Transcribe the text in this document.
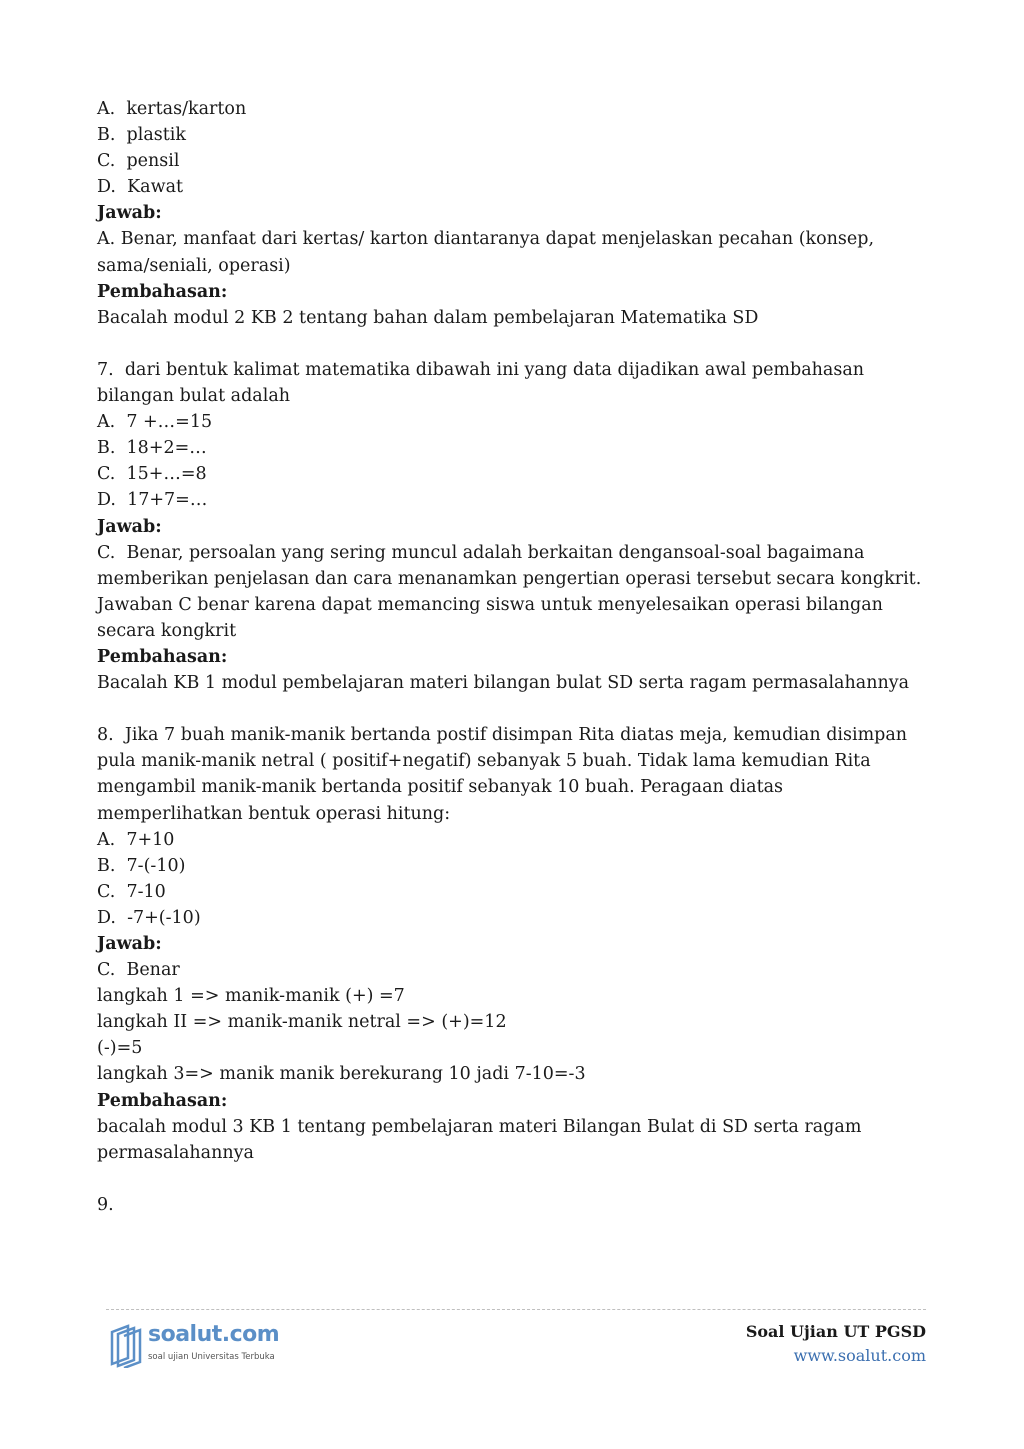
A.  kertas/karton
B.  plastik
C.  pensil
D.  Kawat
Jawab:
A. Benar, manfaat dari kertas/ karton diantaranya dapat menjelaskan pecahan (konsep,
sama/seniali, operasi)
Pembahasan:
Bacalah modul 2 KB 2 tentang bahan dalam pembelajaran Matematika SD
7.  dari bentuk kalimat matematika dibawah ini yang data dijadikan awal pembahasan
bilangan bulat adalah
A.  7 +…=15
B.  18+2=…
C.  15+…=8
D.  17+7=…
Jawab:
C.  Benar, persoalan yang sering muncul adalah berkaitan dengansoal-soal bagaimana
memberikan penjelasan dan cara menanamkan pengertian operasi tersebut secara kongkrit.
Jawaban C benar karena dapat memancing siswa untuk menyelesaikan operasi bilangan
secara kongkrit
Pembahasan:
Bacalah KB 1 modul pembelajaran materi bilangan bulat SD serta ragam permasalahannya
8.  Jika 7 buah manik-manik bertanda postif disimpan Rita diatas meja, kemudian disimpan
pula manik-manik netral ( positif+negatif) sebanyak 5 buah. Tidak lama kemudian Rita
mengambil manik-manik bertanda positif sebanyak 10 buah. Peragaan diatas
memperlihatkan bentuk operasi hitung:
A.  7+10
B.  7-(-10)
C.  7-10
D.  -7+(-10)
Jawab:
C.  Benar
langkah 1 => manik-manik (+) =7
langkah II => manik-manik netral => (+)=12
(-)=5
langkah 3=> manik manik berekurang 10 jadi 7-10=-3
Pembahasan:
bacalah modul 3 KB 1 tentang pembelajaran materi Bilangan Bulat di SD serta ragam
permasalahannya
9.
soalut.com
soal ujian Universitas Terbuka
Soal Ujian UT PGSD
www.soalut.com
